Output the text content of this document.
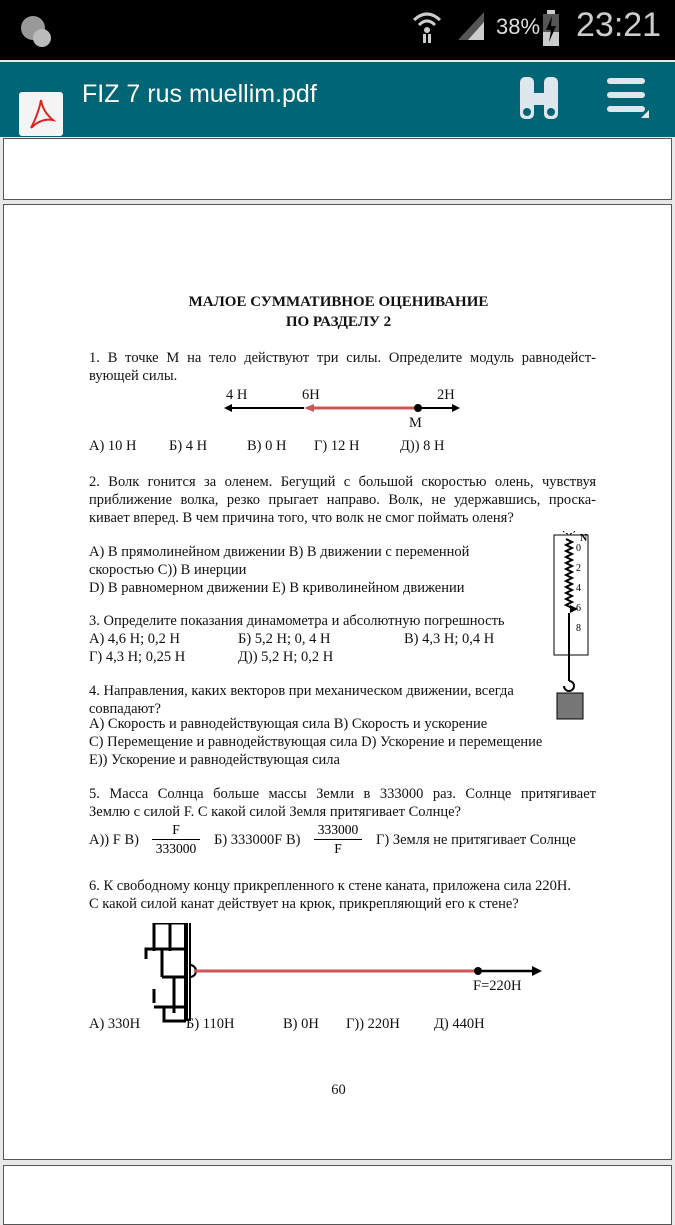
38% 23:21
FIZ 7 rus muellim.pdf
МАЛОЕ СУММАТИВНОЕ ОЦЕНИВАНИЕ
ПО РАЗДЕЛУ 2
1. В точке М на тело действуют три силы. Определите модуль равнодейст-
вующей силы.
4 Н	6Н	2Н
М
А) 10 Н Б) 4 Н	В) 0 Н Г) 12 Н	Д)) 8 Н
2. Волк гонится за оленем. Бегущий с большой скоростью олень, чувствуя
приближение волка, резко прыгает направо. Волк, не удержавшись, проска-
кивает вперед. В чем причина того, что волк не смог поймать оленя?
А) В прямолинейном движении В) В движении с переменной
скоростью С)) В инерции
D) В равномерном движении Е) В криволинейном движении
3. Определите показания динамометра и абсолютную погрешность
А) 4,6 Н; 0,2 Н	Б) 5,2 Н; 0, 4 Н	В) 4,3 Н; 0,4 Н
Г) 4,3 Н; 0,25 Н	Д)) 5,2 Н; 0,2 Н
N
0
2
4
6
8
4. Направления, каких векторов при механическом движении, всегда
совпадают?
А) Скорость и равнодействующая сила В) Скорость и ускорение
С) Перемещение и равнодействующая сила D) Ускорение и перемещение
Е)) Ускорение и равнодействующая сила
5. Масса Солнца больше массы Земли в 333000 раз. Солнце притягивает
Землю с силой F. С какой силой Земля притягивает Солнце?
А)) F В)
F
333000
Б) 333000F В)
333000
F
Г) Земля не притягивает Солнце
6. К свободному концу прикрепленного к стене каната, приложена сила 220Н.
С какой силой канат действует на крюк, прикрепляющий его к стене?
F=220Н
А) 330Н	Б) 110Н	В) 0Н Г)) 220Н Д) 440Н
60
